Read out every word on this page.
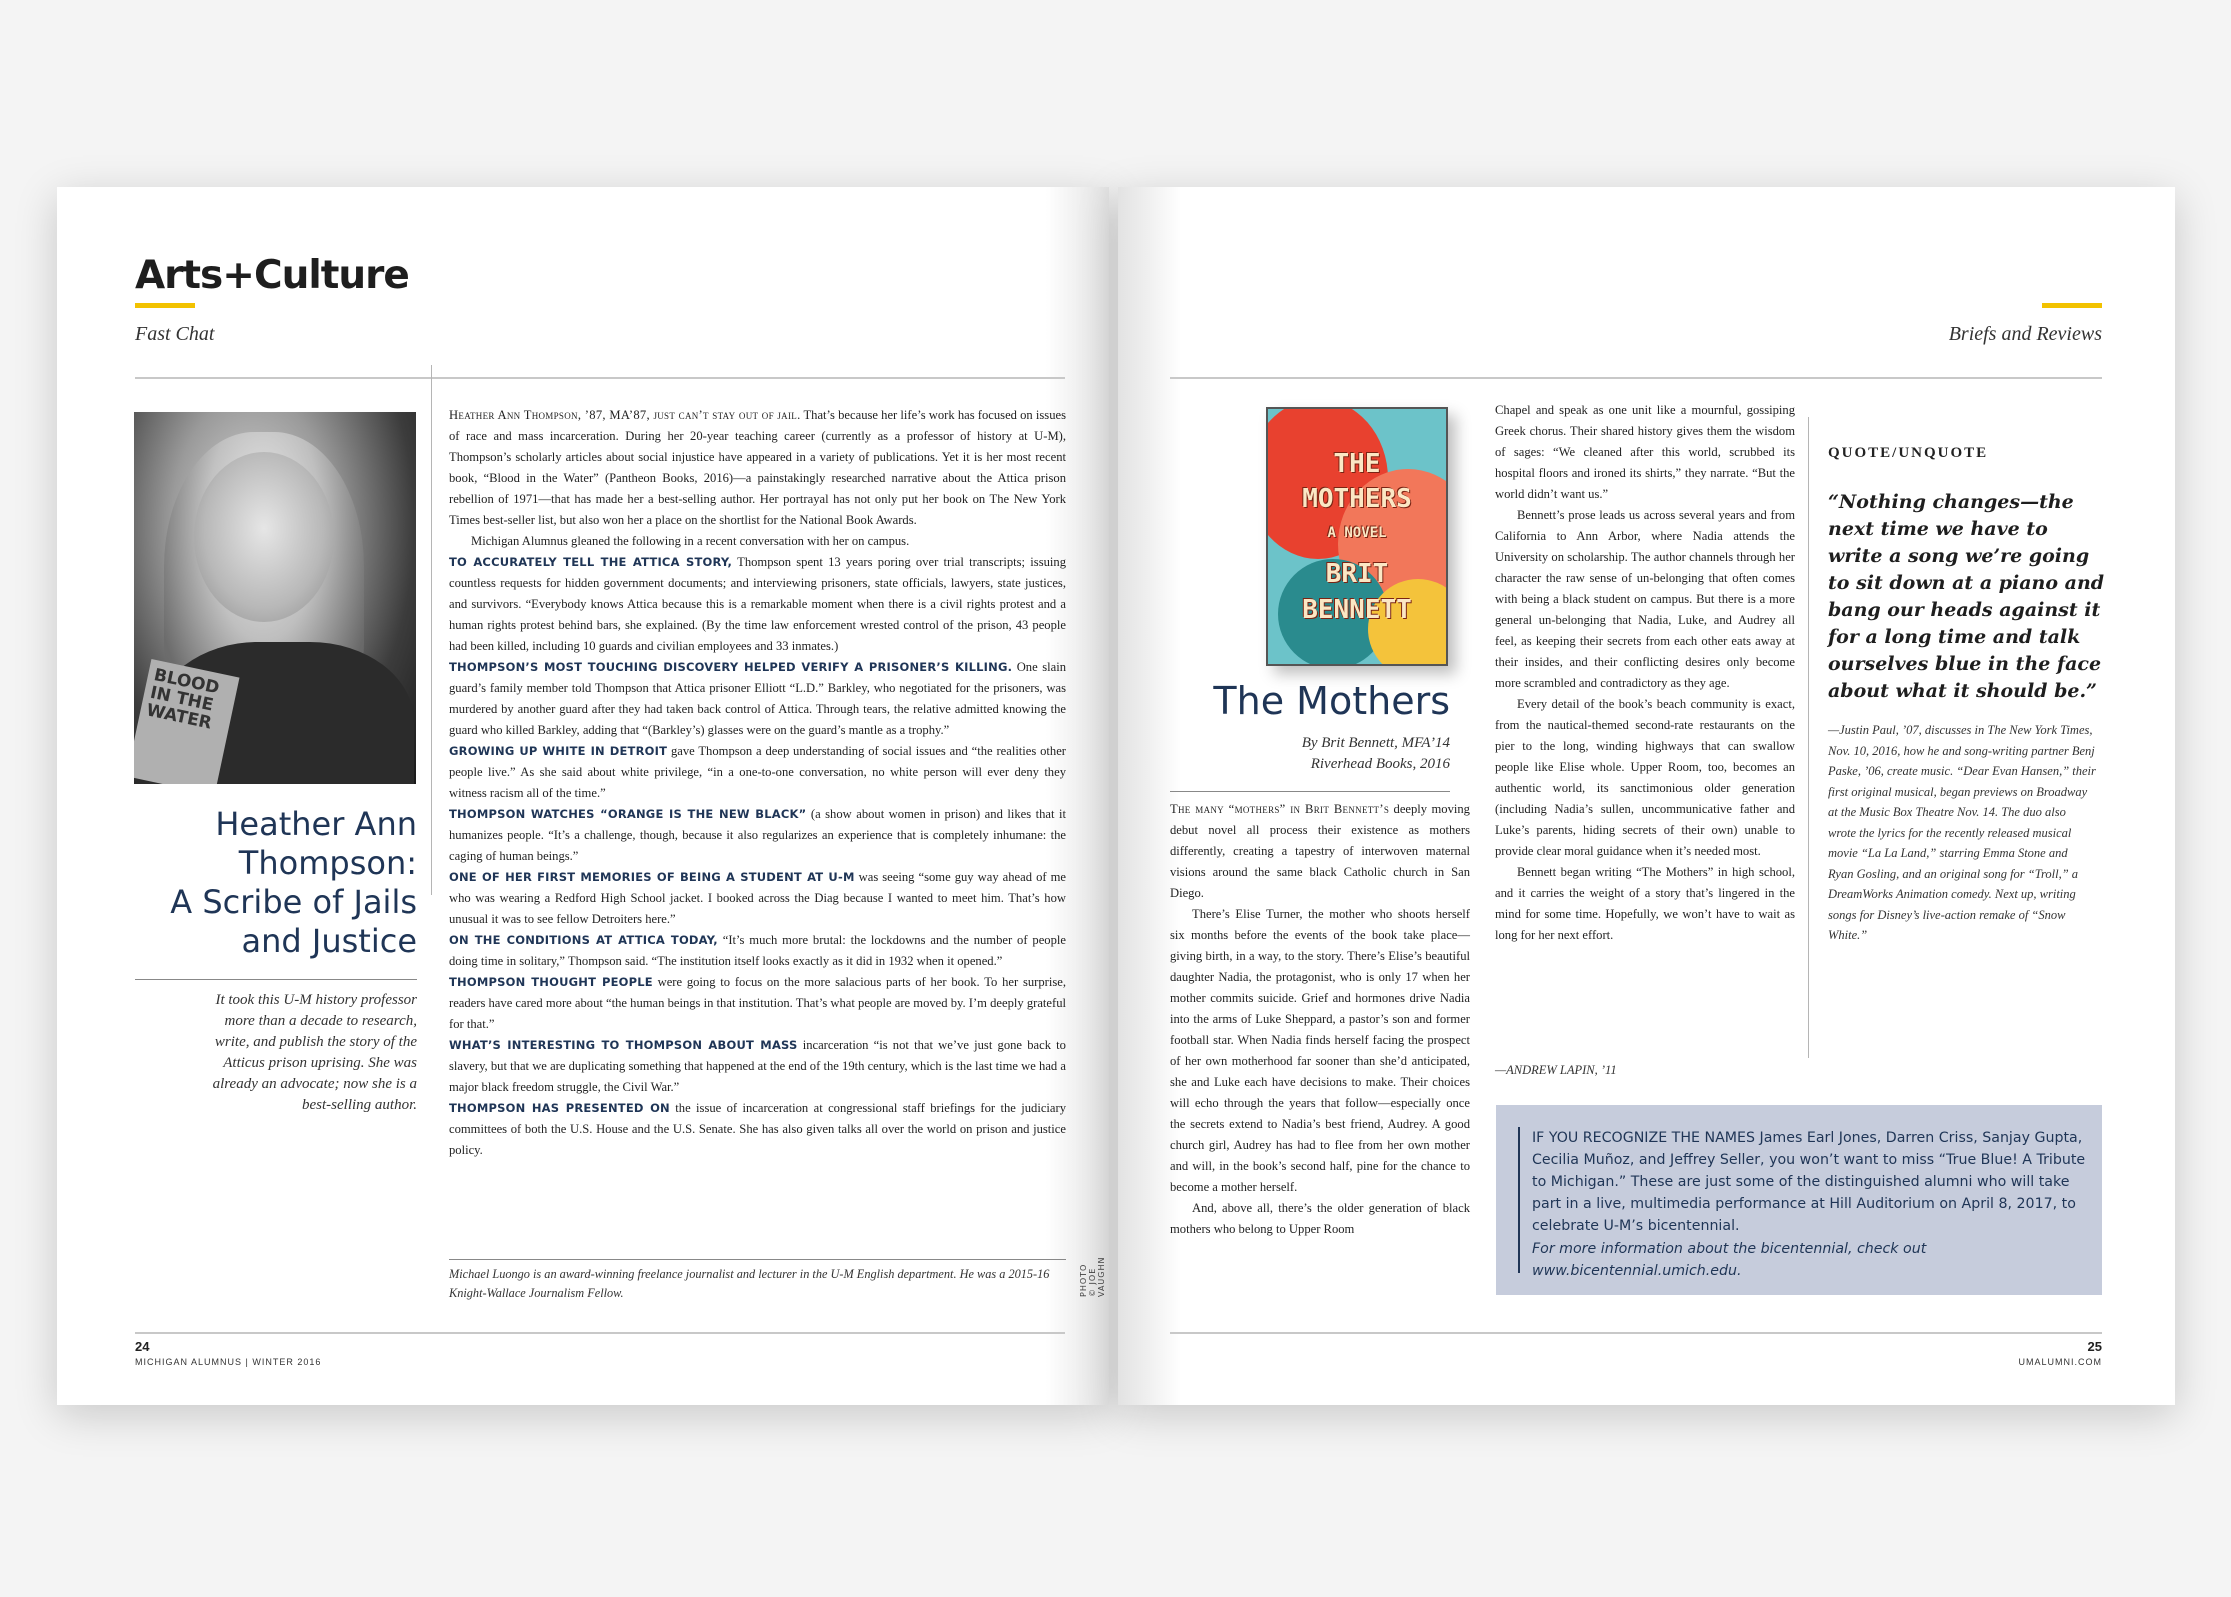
Arts+Culture
Fast Chat
BLOOD IN THE WATER
Heather Ann
Thompson:
A Scribe of Jails
and Justice
It took this U-M history professor
more than a decade to research,
write, and publish the story of the
Atticus prison uprising. She was
already an advocate; now she is a
best-selling author.

Heather Ann Thompson, ’87, MA’87, just can’t stay out of jail. That’s because her life’s work has focused on issues of race and mass incarceration. During her 20-year teaching career (currently as a professor of history at U-M), Thompson’s scholarly articles about social injustice have appeared in a variety of publications. Yet it is her most recent book, “Blood in the Water” (Pantheon Books, 2016)—a painstakingly researched narrative about the Attica prison rebellion of 1971—that has made her a best-selling author. Her portrayal has not only put her book on The New York Times best-seller list, but also won her a place on the shortlist for the National Book Awards.

Michigan Alumnus gleaned the following in a recent conversation with her on campus.

TO ACCURATELY TELL THE ATTICA STORY, Thompson spent 13 years poring over trial transcripts; issuing countless requests for hidden government documents; and interviewing prisoners, state officials, lawyers, state justices, and survivors. “Everybody knows Attica because this is a remarkable moment when there is a civil rights protest and a human rights protest behind bars, she explained. (By the time law enforcement wrested control of the prison, 43 people had been killed, including 10 guards and civilian employees and 33 inmates.)

THOMPSON’S MOST TOUCHING DISCOVERY HELPED VERIFY A PRISONER’S KILLING. One slain guard’s family member told Thompson that Attica prisoner Elliott “L.D.” Barkley, who negotiated for the prisoners, was murdered by another guard after they had taken back control of Attica. Through tears, the relative admitted knowing the guard who killed Barkley, adding that “(Barkley’s) glasses were on the guard’s mantle as a trophy.”

GROWING UP WHITE IN DETROIT gave Thompson a deep understanding of social issues and “the realities other people live.” As she said about white privilege, “in a one-to-one conversation, no white person will ever deny they witness racism all of the time.”

THOMPSON WATCHES “ORANGE IS THE NEW BLACK” (a show about women in prison) and likes that it humanizes people. “It’s a challenge, though, because it also regularizes an experience that is completely inhumane: the caging of human beings.”

ONE OF HER FIRST MEMORIES OF BEING A STUDENT AT U-M was seeing “some guy way ahead of me who was wearing a Redford High School jacket. I booked across the Diag because I wanted to meet him. That’s how unusual it was to see fellow Detroiters here.”

ON THE CONDITIONS AT ATTICA TODAY, “It’s much more brutal: the lockdowns and the number of people doing time in solitary,” Thompson said. “The institution itself looks exactly as it did in 1932 when it opened.”

THOMPSON THOUGHT PEOPLE were going to focus on the more salacious parts of her book. To her surprise, readers have cared more about “the human beings in that institution. That’s what people are moved by. I’m deeply grateful for that.”

WHAT’S INTERESTING TO THOMPSON ABOUT MASS incarceration “is not that we’ve just gone back to slavery, but that we are duplicating something that happened at the end of the 19th century, which is the last time we had a major black freedom struggle, the Civil War.”

THOMPSON HAS PRESENTED ON the issue of incarceration at congressional staff briefings for the judiciary committees of both the U.S. House and the U.S. Senate. She has also given talks all over the world on prison and justice policy.

PHOTO © JOE VAUGHN
Michael Luongo is an award-winning freelance journalist and lecturer in the U-M English department. He was a 2015-16 Knight-Wallace Journalism Fellow.
24
MICHIGAN ALUMNUS | WINTER 2016
Briefs and Reviews
THE
MOTHERS
A NOVEL
BRIT
BENNETT
The Mothers
By Brit Bennett, MFA’14
Riverhead Books, 2016

The many “mothers” in Brit Bennett’s deeply moving debut novel all process their existence as mothers differently, creating a tapestry of interwoven maternal visions around the same black Catholic church in San Diego.

There’s Elise Turner, the mother who shoots herself six months before the events of the book take place—giving birth, in a way, to the story. There’s Elise’s beautiful daughter Nadia, the protagonist, who is only 17 when her mother commits suicide. Grief and hormones drive Nadia into the arms of Luke Sheppard, a pastor’s son and former football star. When Nadia finds herself facing the prospect of her own motherhood far sooner than she’d anticipated, she and Luke each have decisions to make. Their choices will echo through the years that follow—especially once the secrets extend to Nadia’s best friend, Audrey. A good church girl, Audrey has had to flee from her own mother and will, in the book’s second half, pine for the chance to become a mother herself.

And, above all, there’s the older generation of black mothers who belong to Upper Room

Chapel and speak as one unit like a mournful, gossiping Greek chorus. Their shared history gives them the wisdom of sages: “We cleaned after this world, scrubbed its hospital floors and ironed its shirts,” they narrate. “But the world didn’t want us.”

Bennett’s prose leads us across several years and from California to Ann Arbor, where Nadia attends the University on scholarship. The author channels through her character the raw sense of un-belonging that often comes with being a black student on campus. But there is a more general un-belonging that Nadia, Luke, and Audrey all feel, as keeping their secrets from each other eats away at their insides, and their conflicting desires only become more scrambled and contradictory as they age.

Every detail of the book’s beach community is exact, from the nautical-themed second-rate restaurants on the pier to the long, winding highways that can swallow people like Elise whole. Upper Room, too, becomes an authentic world, its sanctimonious older generation (including Nadia’s sullen, uncommunicative father and Luke’s parents, hiding secrets of their own) unable to provide clear moral guidance when it’s needed most.

Bennett began writing “The Mothers” in high school, and it carries the weight of a story that’s lingered in the mind for some time. Hopefully, we won’t have to wait as long for her next effort.

—ANDREW LAPIN, ’11
QUOTE/UNQUOTE
“Nothing changes—the next time we have to write a song we’re going to sit down at a piano and bang our heads against it for a long time and talk ourselves blue in the face about what it should be.”
—Justin Paul, ’07, discusses in The New York Times, Nov. 10, 2016, how he and song-writing partner Benj Paske, ’06, create music. “Dear Evan Hansen,” their first original musical, began previews on Broadway at the Music Box Theatre Nov. 14. The duo also wrote the lyrics for the recently released musical movie “La La Land,” starring Emma Stone and Ryan Gosling, and an original song for “Troll,” a DreamWorks Animation comedy. Next up, writing songs for Disney’s live-action remake of “Snow White.”
IF YOU RECOGNIZE THE NAMES James Earl Jones, Darren Criss, Sanjay Gupta, Cecilia Muñoz, and Jeffrey Seller, you won’t want to miss “True Blue! A Tribute to Michigan.” These are just some of the distinguished alumni who will take part in a live, multimedia performance at Hill Auditorium on April 8, 2017, to celebrate U-M’s bicentennial.
For more information about the bicentennial, check out www.bicentennial.umich.edu.
25
UMALUMNI.COM
